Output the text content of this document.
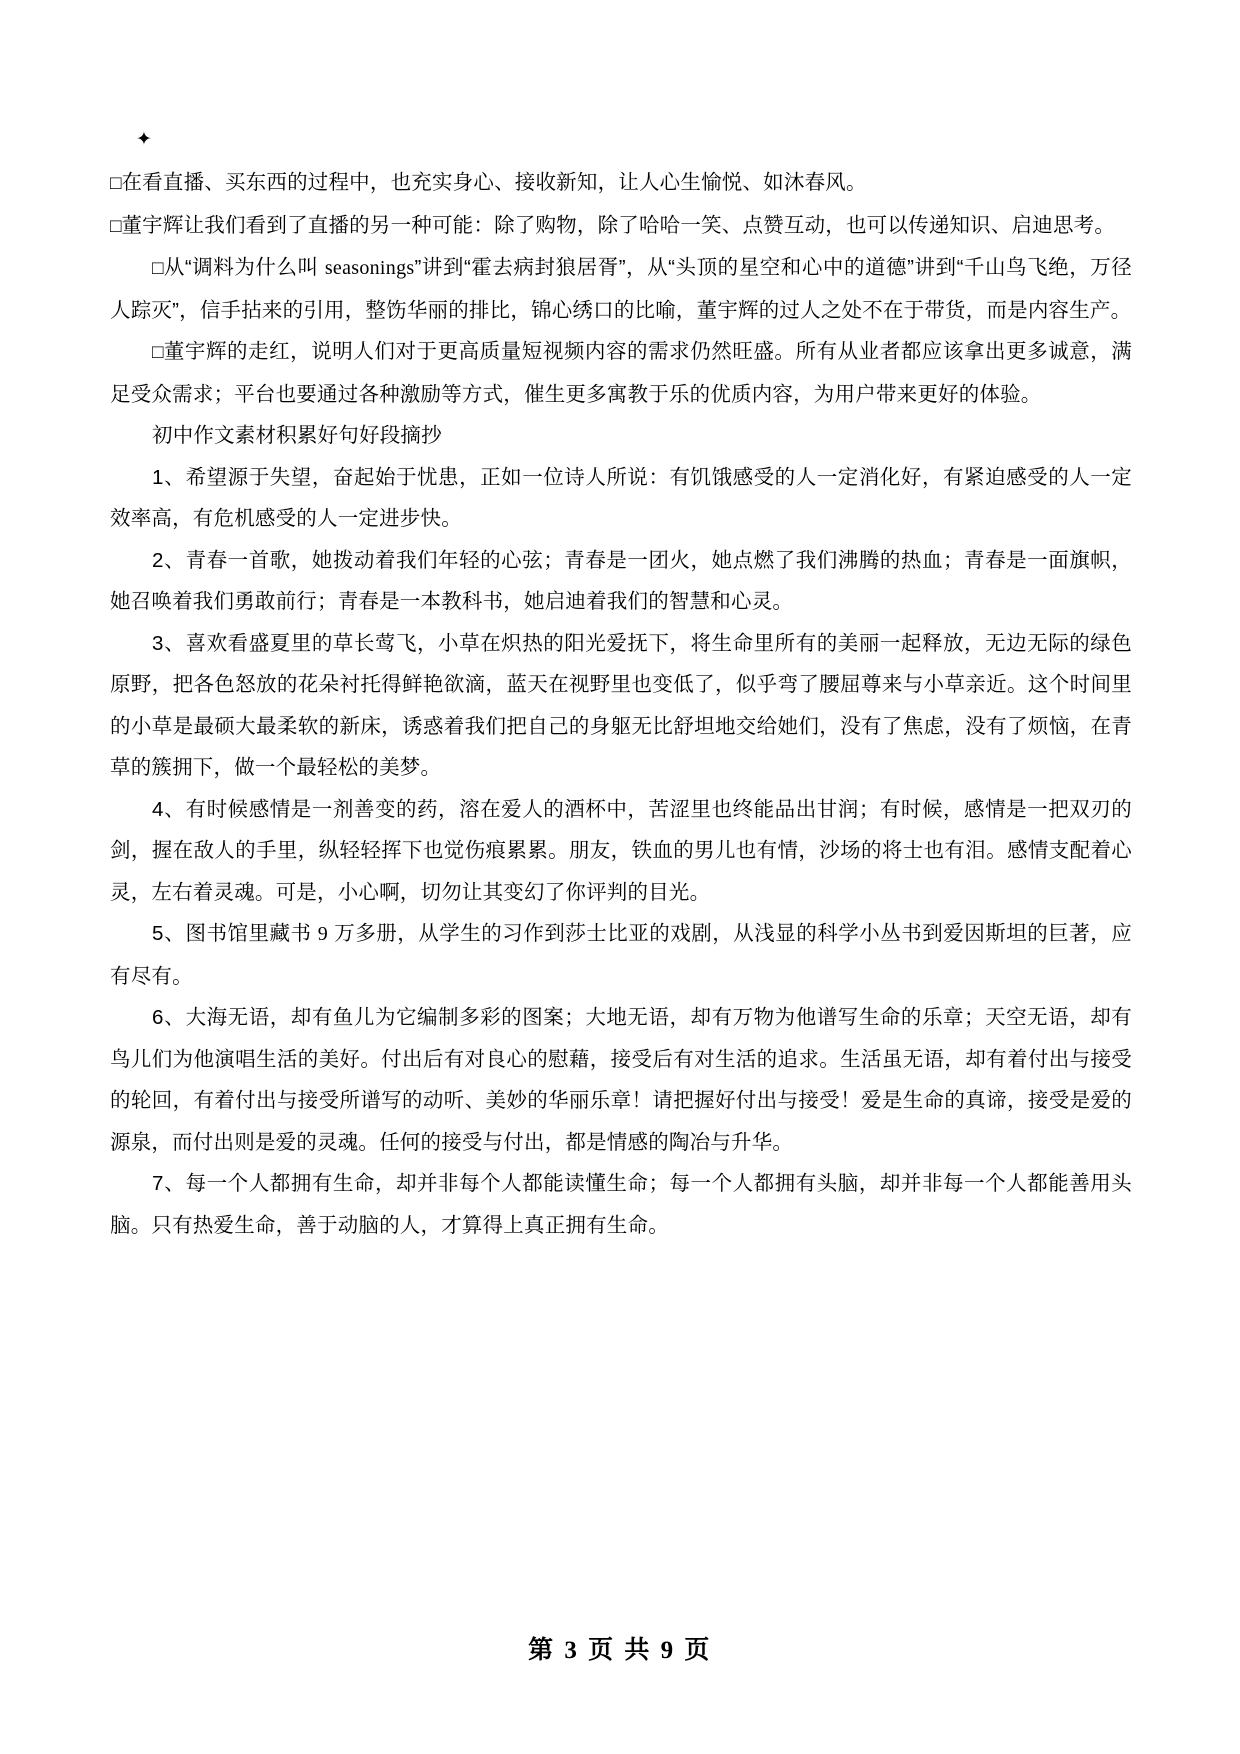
✦

□在看直播、买东西的过程中，也充实身心、接收新知，让人心生愉悦、如沐春风。

□董宇辉让我们看到了直播的另一种可能：除了购物，除了哈哈一笑、点赞互动，也可以传递知识、启迪思考。

□从“调料为什么叫 seasonings”讲到“霍去病封狼居胥”，从“头顶的星空和心中的道德”讲到“千山鸟飞绝，万径人踪灭”，信手拈来的引用，整饬华丽的排比，锦心绣口的比喻，董宇辉的过人之处不在于带货，而是内容生产。

□董宇辉的走红，说明人们对于更高质量短视频内容的需求仍然旺盛。所有从业者都应该拿出更多诚意，满足受众需求；平台也要通过各种激励等方式，催生更多寓教于乐的优质内容，为用户带来更好的体验。

初中作文素材积累好句好段摘抄

1、希望源于失望，奋起始于忧患，正如一位诗人所说：有饥饿感受的人一定消化好，有紧迫感受的人一定效率高，有危机感受的人一定进步快。

2、青春一首歌，她拨动着我们年轻的心弦；青春是一团火，她点燃了我们沸腾的热血；青春是一面旗帜，她召唤着我们勇敢前行；青春是一本教科书，她启迪着我们的智慧和心灵。

3、喜欢看盛夏里的草长莺飞，小草在炽热的阳光爱抚下，将生命里所有的美丽一起释放，无边无际的绿色原野，把各色怒放的花朵衬托得鲜艳欲滴，蓝天在视野里也变低了，似乎弯了腰屈尊来与小草亲近。这个时间里的小草是最硕大最柔软的新床，诱惑着我们把自己的身躯无比舒坦地交给她们，没有了焦虑，没有了烦恼，在青草的簇拥下，做一个最轻松的美梦。

4、有时候感情是一剂善变的药，溶在爱人的酒杯中，苦涩里也终能品出甘润；有时候，感情是一把双刃的剑，握在敌人的手里，纵轻轻挥下也觉伤痕累累。朋友，铁血的男儿也有情，沙场的将士也有泪。感情支配着心灵，左右着灵魂。可是，小心啊，切勿让其变幻了你评判的目光。

5、图书馆里藏书 9 万多册，从学生的习作到莎士比亚的戏剧，从浅显的科学小丛书到爱因斯坦的巨著，应有尽有。

6、大海无语，却有鱼儿为它编制多彩的图案；大地无语，却有万物为他谱写生命的乐章；天空无语，却有鸟儿们为他演唱生活的美好。付出后有对良心的慰藉，接受后有对生活的追求。生活虽无语，却有着付出与接受的轮回，有着付出与接受所谱写的动听、美妙的华丽乐章！请把握好付出与接受！爱是生命的真谛，接受是爱的源泉，而付出则是爱的灵魂。任何的接受与付出，都是情感的陶冶与升华。

7、每一个人都拥有生命，却并非每个人都能读懂生命；每一个人都拥有头脑，却并非每一个人都能善用头脑。只有热爱生命，善于动脑的人，才算得上真正拥有生命。

第 3 页 共 9 页
